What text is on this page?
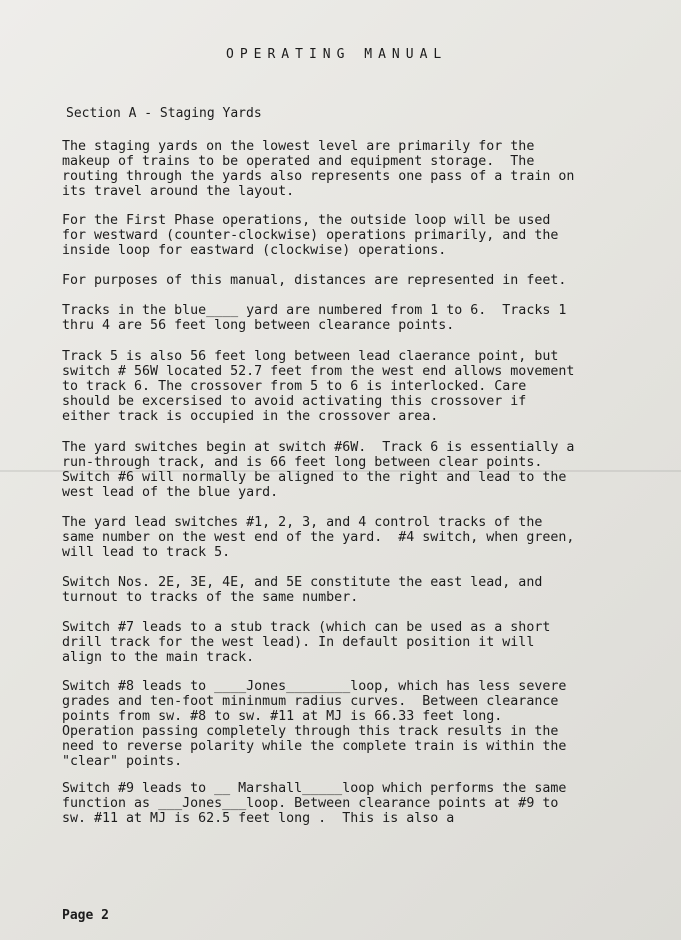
OPERATING MANUAL
Section A - Staging Yards

The staging yards on the lowest level are primarily for the
makeup of trains to be operated and equipment storage.  The
routing through the yards also represents one pass of a train on
its travel around the layout.

For the First Phase operations, the outside loop will be used
for westward (counter-clockwise) operations primarily, and the
inside loop for eastward (clockwise) operations.

For purposes of this manual, distances are represented in feet.

Tracks in the blue____ yard are numbered from 1 to 6.  Tracks 1
thru 4 are 56 feet long between clearance points.

Track 5 is also 56 feet long between lead claerance point, but
switch # 56W located 52.7 feet from the west end allows movement
to track 6. The crossover from 5 to 6 is interlocked. Care
should be excersised to avoid activating this crossover if
either track is occupied in the crossover area.

The yard switches begin at switch #6W.  Track 6 is essentially a
run-through track, and is 66 feet long between clear points.
Switch #6 will normally be aligned to the right and lead to the
west lead of the blue yard.

The yard lead switches #1, 2, 3, and 4 control tracks of the
same number on the west end of the yard.  #4 switch, when green,
will lead to track 5.

Switch Nos. 2E, 3E, 4E, and 5E constitute the east lead, and
turnout to tracks of the same number.

Switch #7 leads to a stub track (which can be used as a short
drill track for the west lead). In default position it will
align to the main track.

Switch #8 leads to ____Jones________loop, which has less severe
grades and ten-foot mininmum radius curves.  Between clearance
points from sw. #8 to sw. #11 at MJ is 66.33 feet long.
Operation passing completely through this track results in the
need to reverse polarity while the complete train is within the
"clear" points.

Switch #9 leads to __ Marshall_____loop which performs the same
function as ___Jones___loop. Between clearance points at #9 to
sw. #11 at MJ is 62.5 feet long .  This is also a

Page 2
